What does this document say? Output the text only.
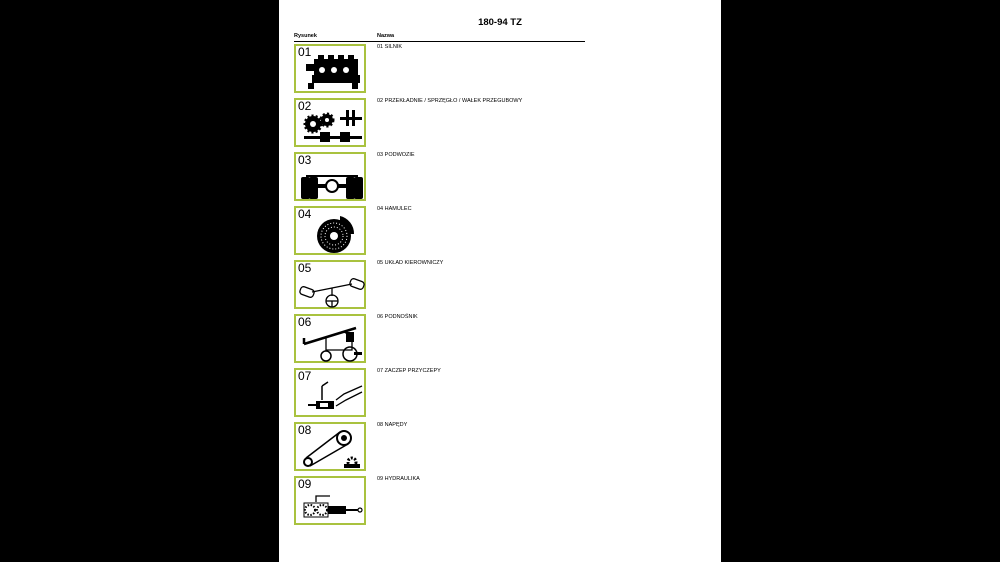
180-94 TZ
Rysunek	Nazwa
01	01 SILNIK
02	02 PRZEKŁADNIE / SPRZĘGŁO / WAŁEK PRZEGUBOWY
03	03 PODWOZIE
04	04 HAMULEC
05	05 UKŁAD KIEROWNICZY
06	06 PODNOŚNIK
07	07 ZACZEP PRZYCZEPY
08	08 NAPĘDY
09	09 HYDRAULIKA
